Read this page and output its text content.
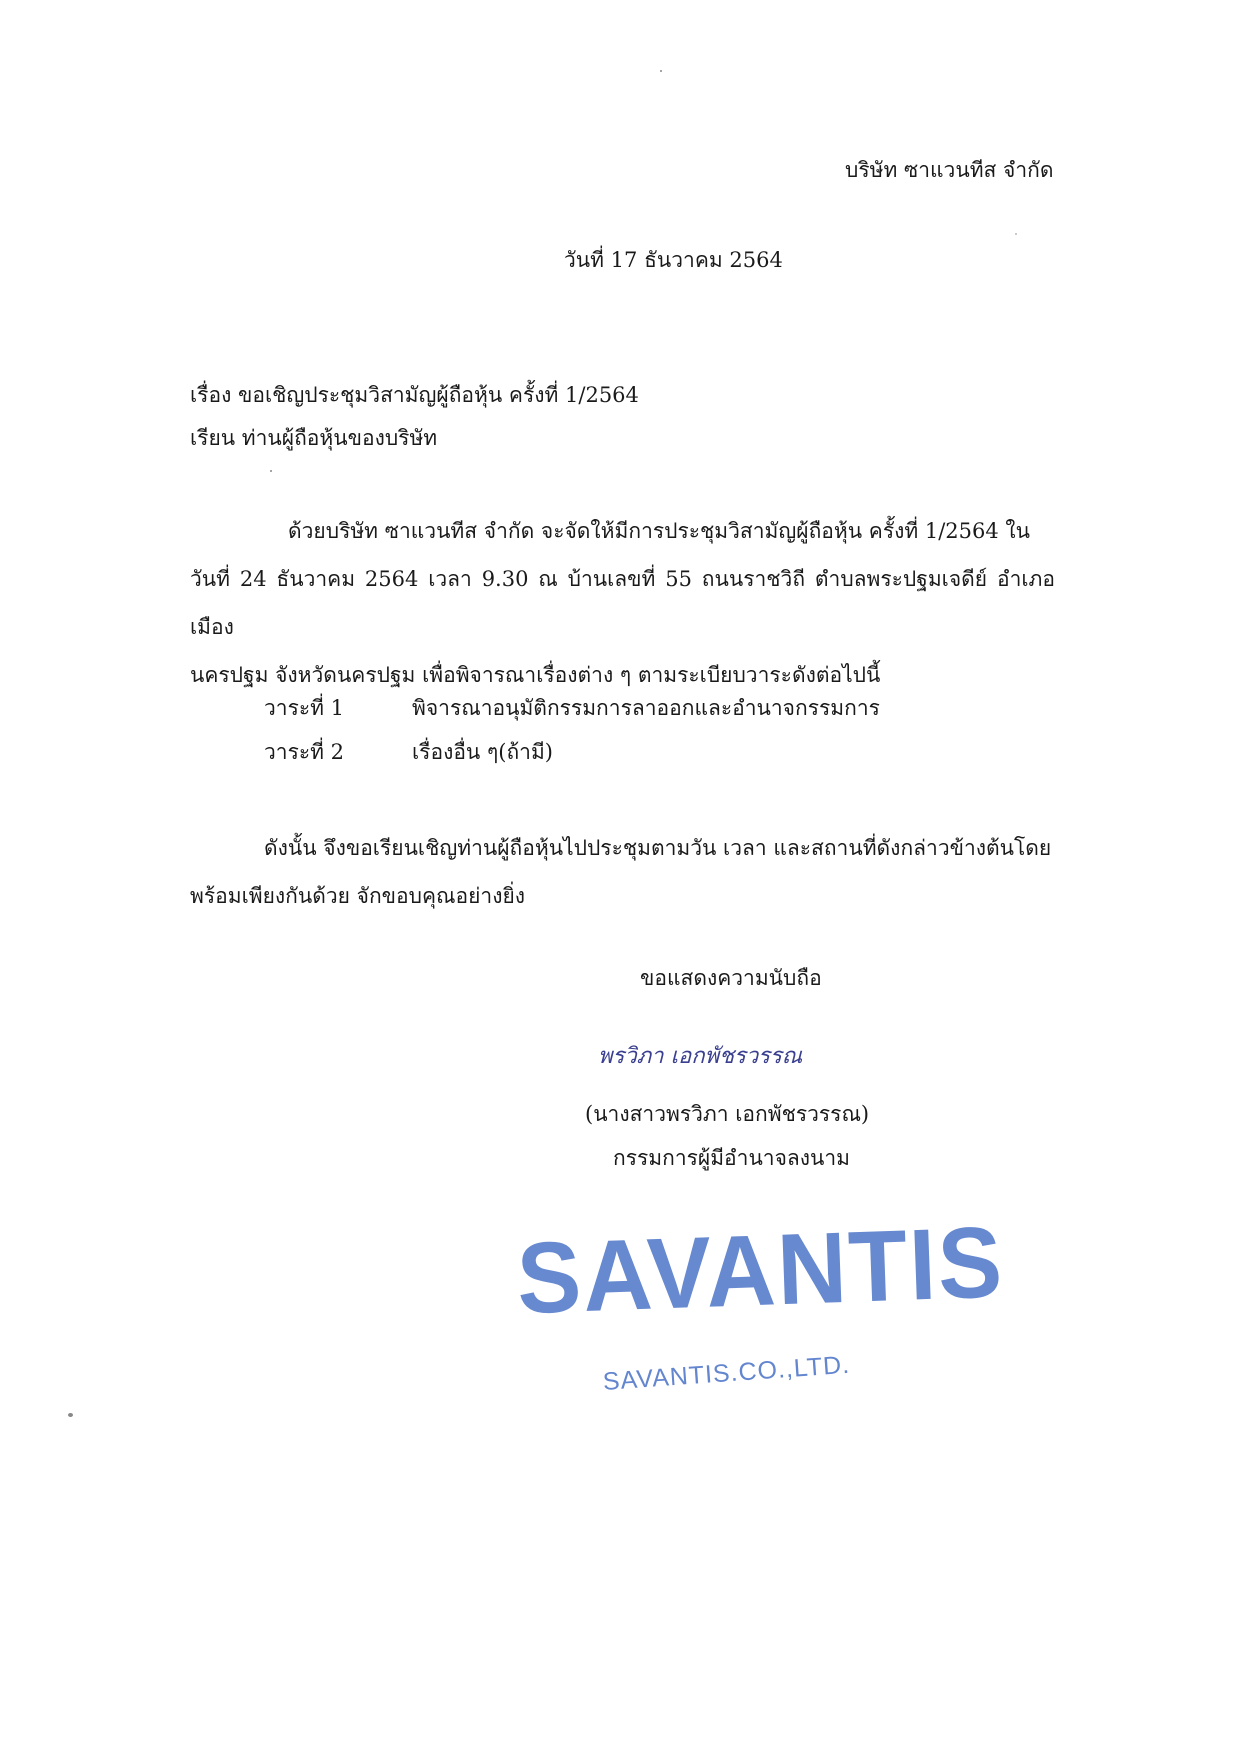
บริษัท ซาแวนทีส จำกัด
วันที่ 17 ธันวาคม 2564
เรื่อง ขอเชิญประชุมวิสามัญผู้ถือหุ้น ครั้งที่ 1/2564
เรียน ท่านผู้ถือหุ้นของบริษัท
ด้วยบริษัท ซาแวนทีส จำกัด จะจัดให้มีการประชุมวิสามัญผู้ถือหุ้น ครั้งที่ 1/2564 ใน
วันที่ 24 ธันวาคม 2564 เวลา 9.30 ณ บ้านเลขที่ 55 ถนนราชวิถี ตำบลพระปฐมเจดีย์ อำเภอเมือง
นครปฐม จังหวัดนครปฐม เพื่อพิจารณาเรื่องต่าง ๆ ตามระเบียบวาระดังต่อไปนี้
วาระที่ 1	พิจารณาอนุมัติกรรมการลาออกและอำนาจกรรมการ
วาระที่ 2	เรื่องอื่น ๆ(ถ้ามี)
ดังนั้น จึงขอเรียนเชิญท่านผู้ถือหุ้นไปประชุมตามวัน เวลา และสถานที่ดังกล่าวข้างต้นโดย
พร้อมเพียงกันด้วย จักขอบคุณอย่างยิ่ง
ขอแสดงความนับถือ
พรวิภา เอกพัชรวรรณ
(นางสาวพรวิภา เอกพัชรวรรณ)
กรรมการผู้มีอำนาจลงนาม
SAVANTIS
SAVANTIS.CO.,LTD.
